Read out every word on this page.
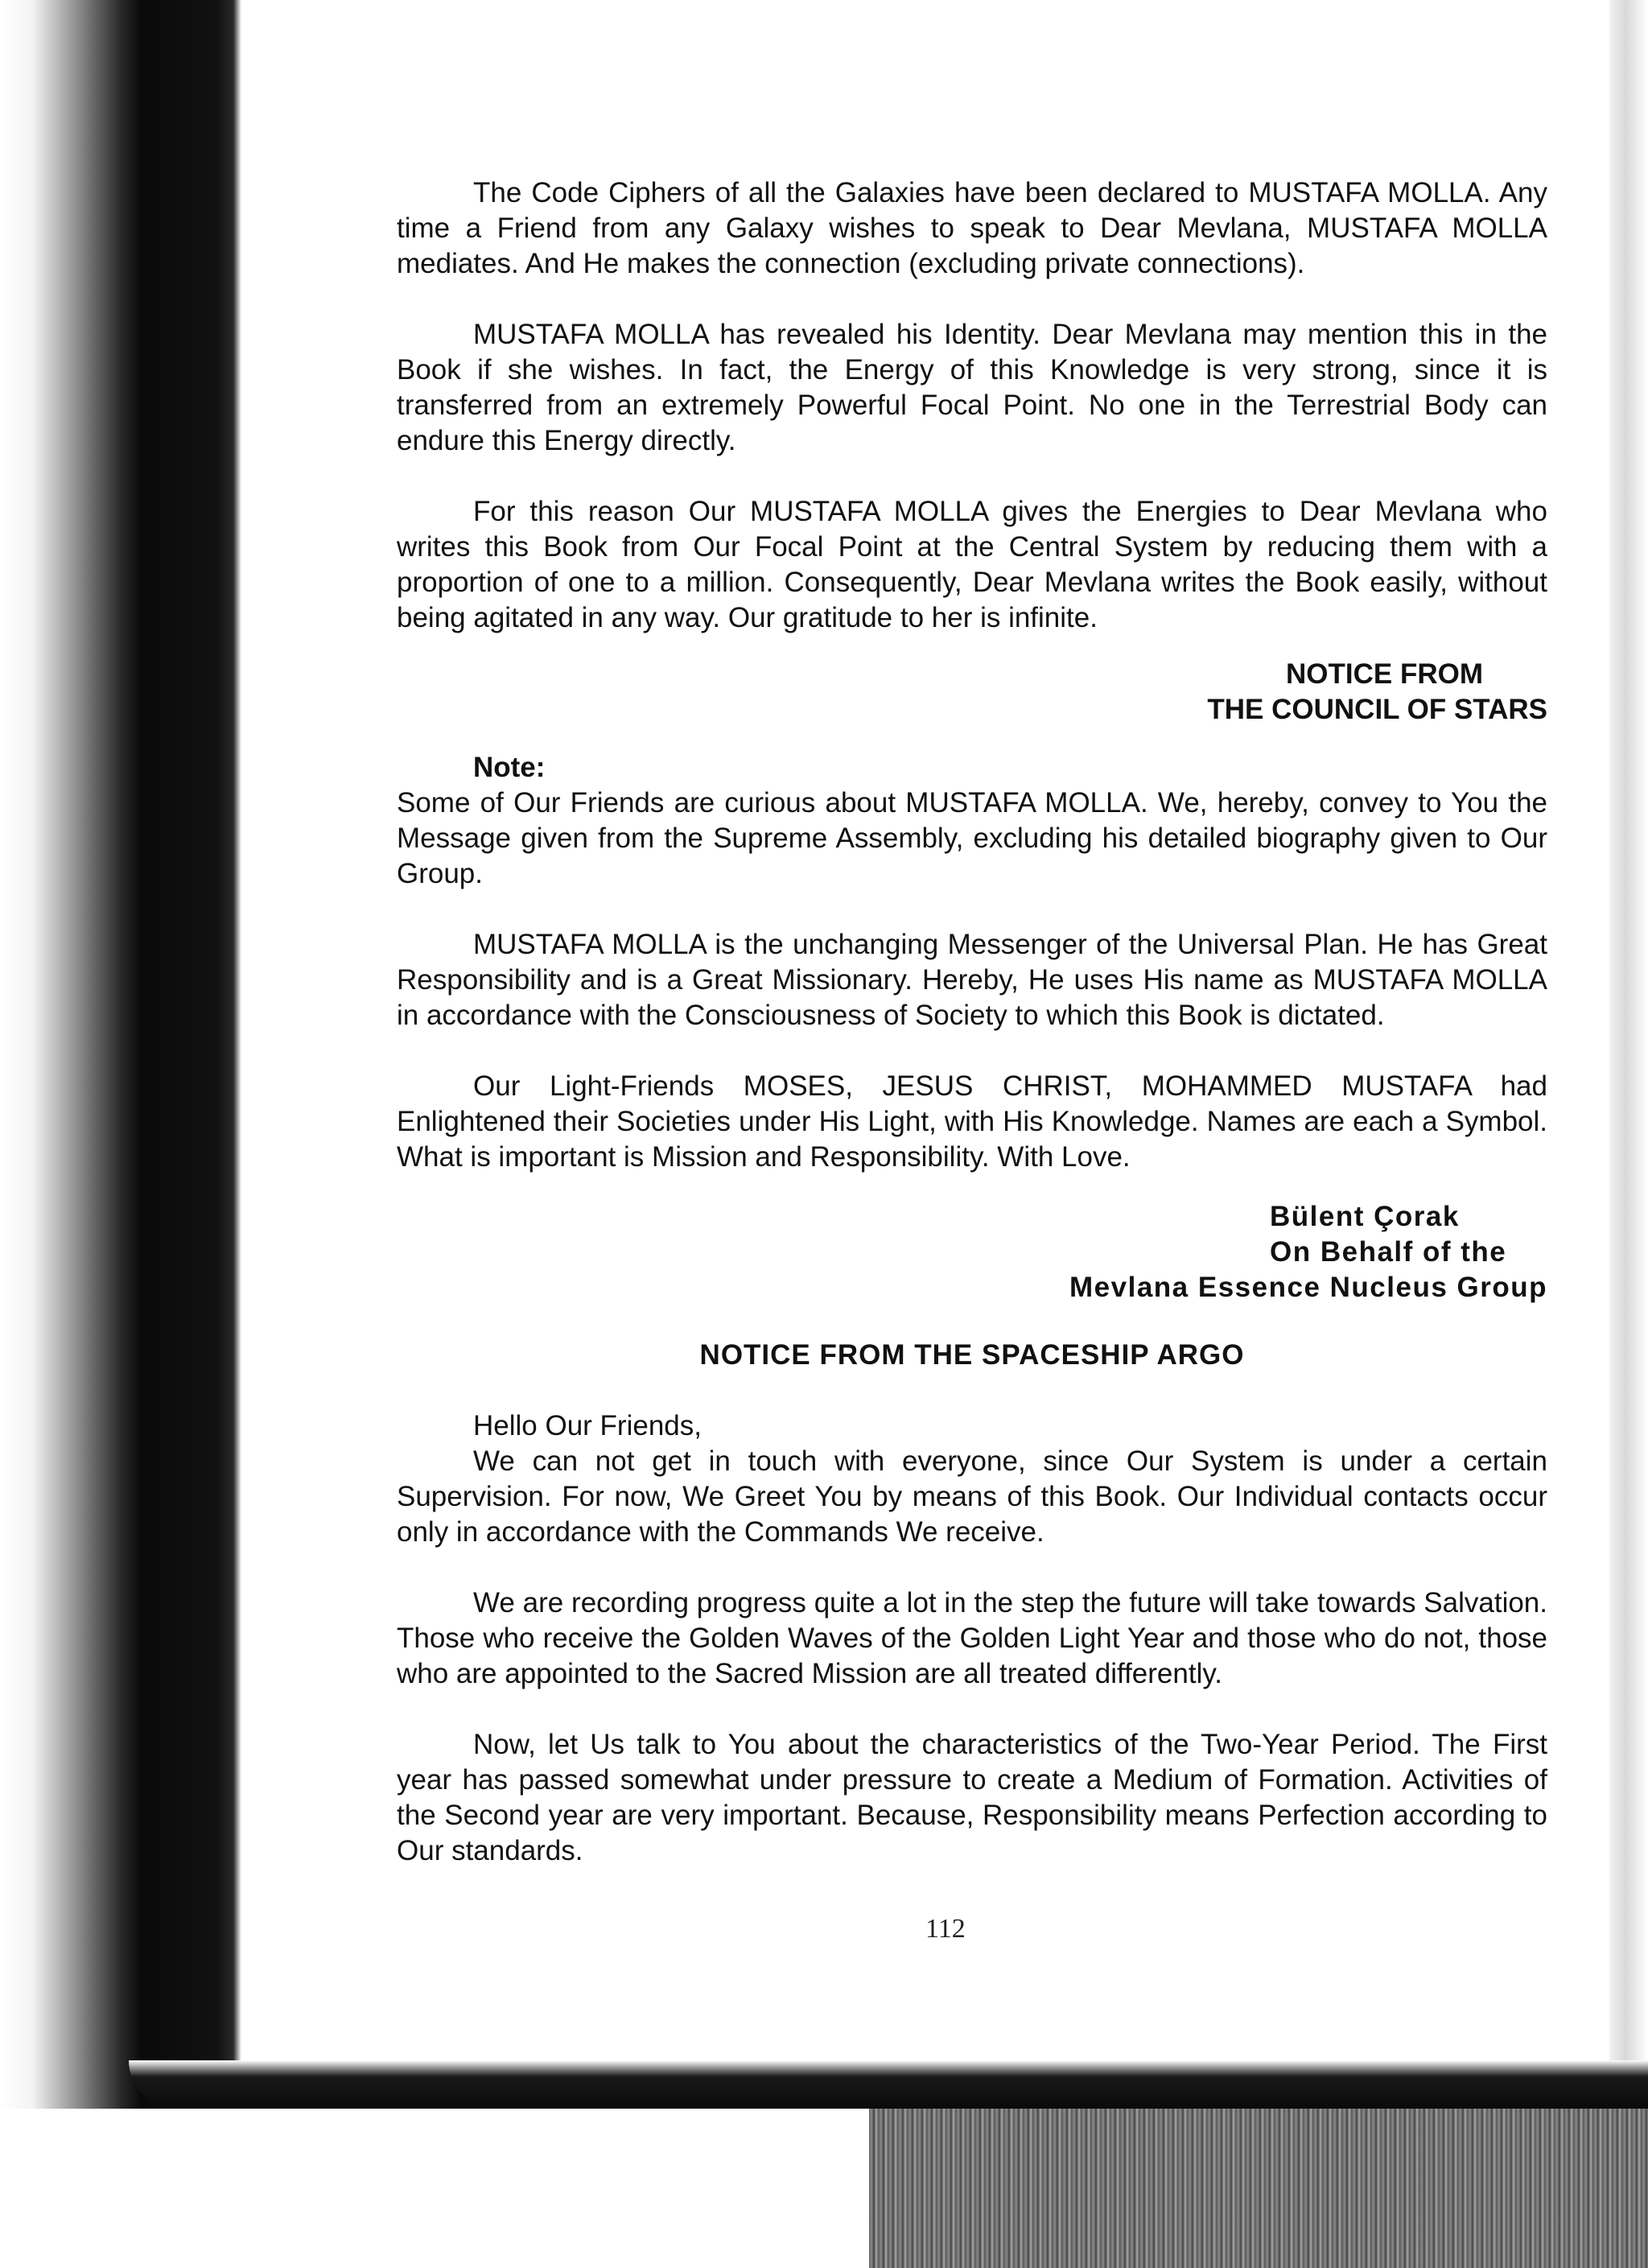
The Code Ciphers of all the Galaxies have been declared to MUSTAFA MOLLA. Any time a Friend from any Galaxy wishes to speak to Dear Mevlana, MUSTAFA MOLLA mediates. And He makes the connection (excluding private connections).

MUSTAFA MOLLA has revealed his Identity. Dear Mevlana may mention this in the Book if she wishes. In fact, the Energy of this Knowledge is very strong, since it is transferred from an extremely Powerful Focal Point. No one in the Terrestrial Body can endure this Energy directly.

For this reason Our MUSTAFA MOLLA gives the Energies to Dear Mevlana who writes this Book from Our Focal Point at the Central System by reducing them with a proportion of one to a million. Consequently, Dear Mevlana writes the Book easily, without being agitated in any way. Our gratitude to her is infinite.

NOTICE FROM
THE COUNCIL OF STARS
Note:

Some of Our Friends are curious about MUSTAFA MOLLA. We, hereby, convey to You the Message given from the Supreme Assembly, excluding his detailed biography given to Our Group.

MUSTAFA MOLLA is the unchanging Messenger of the Universal Plan. He has Great Responsibility and is a Great Missionary. Hereby, He uses His name as MUSTAFA MOLLA in accordance with the Consciousness of Society to which this Book is dictated.

Our Light-Friends MOSES, JESUS CHRIST, MOHAMMED MUSTAFA had Enlightened their Societies under His Light, with His Knowledge. Names are each a Symbol. What is important is Mission and Responsibility. With Love.

Bülent Çorak
On Behalf of the
Mevlana Essence Nucleus Group
NOTICE FROM THE SPACESHIP ARGO

Hello Our Friends,

We can not get in touch with everyone, since Our System is under a certain Supervision. For now, We Greet You by means of this Book. Our Individual contacts occur only in accordance with the Commands We receive.

We are recording progress quite a lot in the step the future will take towards Salvation. Those who receive the Golden Waves of the Golden Light Year and those who do not, those who are appointed to the Sacred Mission are all treated differently.

Now, let Us talk to You about the characteristics of the Two-Year Period. The First year has passed somewhat under pressure to create a Medium of Formation. Activities of the Second year are very important. Because, Responsibility means Perfection according to Our standards.

112
